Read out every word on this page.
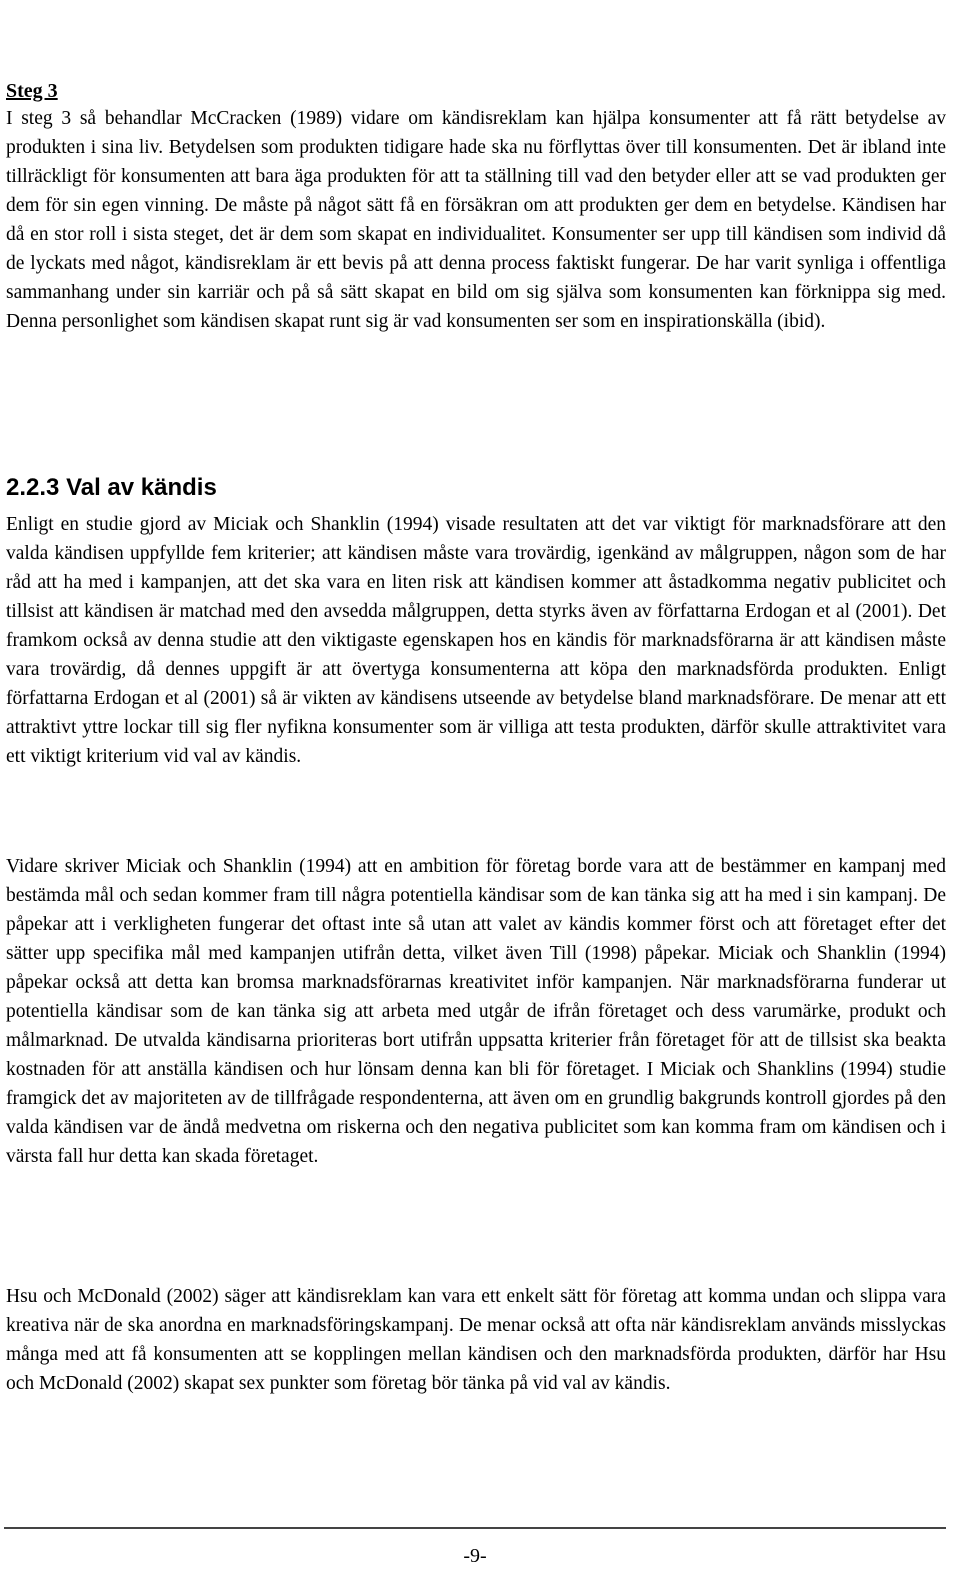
Steg 3

I steg 3 så behandlar McCracken (1989) vidare om kändisreklam kan hjälpa konsumenter att få rätt betydelse av produkten i sina liv. Betydelsen som produkten tidigare hade ska nu förflyttas över till konsumenten. Det är ibland inte tillräckligt för konsumenten att bara äga produkten för att ta ställning till vad den betyder eller att se vad produkten ger dem för sin egen vinning. De måste på något sätt få en försäkran om att produkten ger dem en betydelse. Kändisen har då en stor roll i sista steget, det är dem som skapat en individualitet. Konsumenter ser upp till kändisen som individ då de lyckats med något, kändisreklam är ett bevis på att denna process faktiskt fungerar. De har varit synliga i offentliga sammanhang under sin karriär och på så sätt skapat en bild om sig själva som konsumenten kan förknippa sig med. Denna personlighet som kändisen skapat runt sig är vad konsumenten ser som en inspirationskälla (ibid).

2.2.3 Val av kändis

Enligt en studie gjord av Miciak och Shanklin (1994) visade resultaten att det var viktigt för marknadsförare att den valda kändisen uppfyllde fem kriterier; att kändisen måste vara trovärdig, igenkänd av målgruppen, någon som de har råd att ha med i kampanjen, att det ska vara en liten risk att kändisen kommer att åstadkomma negativ publicitet och tillsist att kändisen är matchad med den avsedda målgruppen, detta styrks även av författarna Erdogan et al (2001). Det framkom också av denna studie att den viktigaste egenskapen hos en kändis för marknadsförarna är att kändisen måste vara trovärdig, då dennes uppgift är att övertyga konsumenterna att köpa den marknadsförda produkten. Enligt författarna Erdogan et al (2001) så är vikten av kändisens utseende av betydelse bland marknadsförare. De menar att ett attraktivt yttre lockar till sig fler nyfikna konsumenter som är villiga att testa produkten, därför skulle attraktivitet vara ett viktigt kriterium vid val av kändis.

Vidare skriver Miciak och Shanklin (1994) att en ambition för företag borde vara att de bestämmer en kampanj med bestämda mål och sedan kommer fram till några potentiella kändisar som de kan tänka sig att ha med i sin kampanj. De påpekar att i verkligheten fungerar det oftast inte så utan att valet av kändis kommer först och att företaget efter det sätter upp specifika mål med kampanjen utifrån detta, vilket även Till (1998) påpekar. Miciak och Shanklin (1994) påpekar också att detta kan bromsa marknadsförarnas kreativitet inför kampanjen. När marknadsförarna funderar ut potentiella kändisar som de kan tänka sig att arbeta med utgår de ifrån företaget och dess varumärke, produkt och målmarknad. De utvalda kändisarna prioriteras bort utifrån uppsatta kriterier från företaget för att de tillsist ska beakta kostnaden för att anställa kändisen och hur lönsam denna kan bli för företaget. I Miciak och Shanklins (1994) studie framgick det av majoriteten av de tillfrågade respondenterna, att även om en grundlig bakgrunds kontroll gjordes på den valda kändisen var de ändå medvetna om riskerna och den negativa publicitet som kan komma fram om kändisen och i värsta fall hur detta kan skada företaget.

Hsu och McDonald (2002) säger att kändisreklam kan vara ett enkelt sätt för företag att komma undan och slippa vara kreativa när de ska anordna en marknadsföringskampanj. De menar också att ofta när kändisreklam används misslyckas många med att få konsumenten att se kopplingen mellan kändisen och den marknadsförda produkten, därför har Hsu och McDonald (2002) skapat sex punkter som företag bör tänka på vid val av kändis.

-9-
